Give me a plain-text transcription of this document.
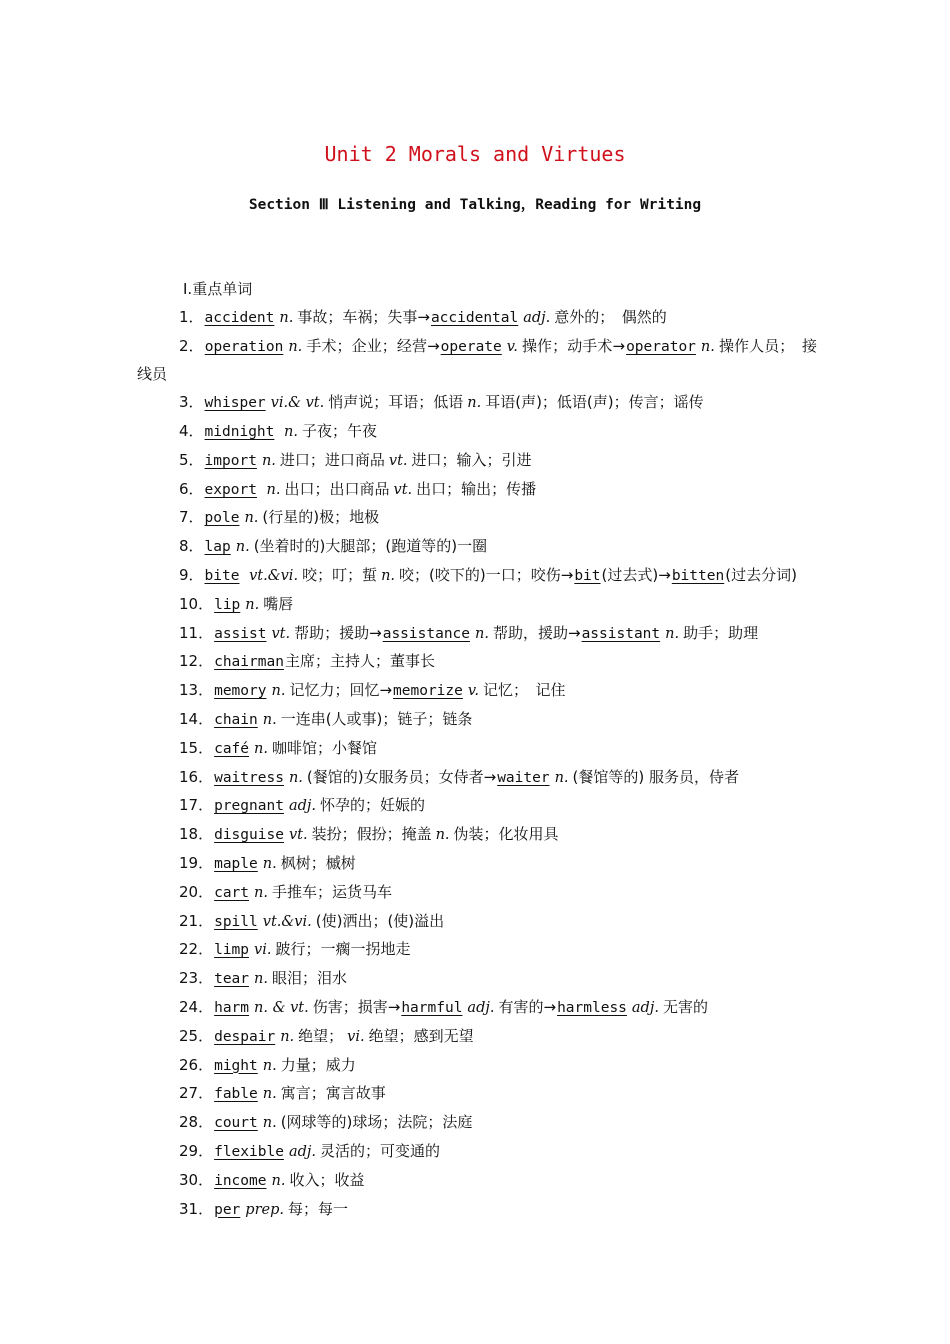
Unit 2 Morals and Virtues
Section Ⅲ Listening and Talking，Reading for Writing
Ⅰ.重点单词
1．accident n. 事故；车祸；失事→accidental adj. 意外的；　偶然的
2．operation n. 手术；企业；经营→operate v. 操作；动手术→operator n. 操作人员；　接线员
3．whisper vi.& vt. 悄声说；耳语；低语 n. 耳语(声)；低语(声)；传言；谣传
4．midnight n. 子夜；午夜
5．import n. 进口；进口商品 vt. 进口；输入；引进
6．export n. 出口；出口商品 vt. 出口；输出；传播
7．pole n. (行星的)极；地极
8．lap n. (坐着时的)大腿部；(跑道等的)一圈
9．bite vt.&vi. 咬；叮；蜇 n. 咬；(咬下的)一口；咬伤→bit(过去式)→bitten(过去分词)
10．lip n. 嘴唇
11．assist vt. 帮助；援助→assistance n. 帮助，援助→assistant n. 助手；助理
12．chairman主席；主持人；董事长
13．memory n. 记忆力；回忆→memorize v. 记忆；　记住
14．chain n. 一连串(人或事)；链子；链条
15．café n. 咖啡馆；小餐馆
16．waitress n. (餐馆的)女服务员；女侍者→waiter n. (餐馆等的) 服务员，侍者
17．pregnant adj. 怀孕的；妊娠的
18．disguise vt. 装扮；假扮；掩盖 n. 伪装；化妆用具
19．maple n. 枫树；槭树
20．cart n. 手推车；运货马车
21．spill vt.&vi. (使)洒出；(使)溢出
22．limp vi. 跛行；一瘸一拐地走
23．tear n. 眼泪；泪水
24．harm n. & vt. 伤害；损害→harmful adj. 有害的→harmless adj. 无害的
25．despair n. 绝望； vi. 绝望；感到无望
26．might n. 力量；威力
27．fable n. 寓言；寓言故事
28．court n. (网球等的)球场；法院；法庭
29．flexible adj. 灵活的；可变通的
30．income n. 收入；收益
31．per prep. 每；每一
